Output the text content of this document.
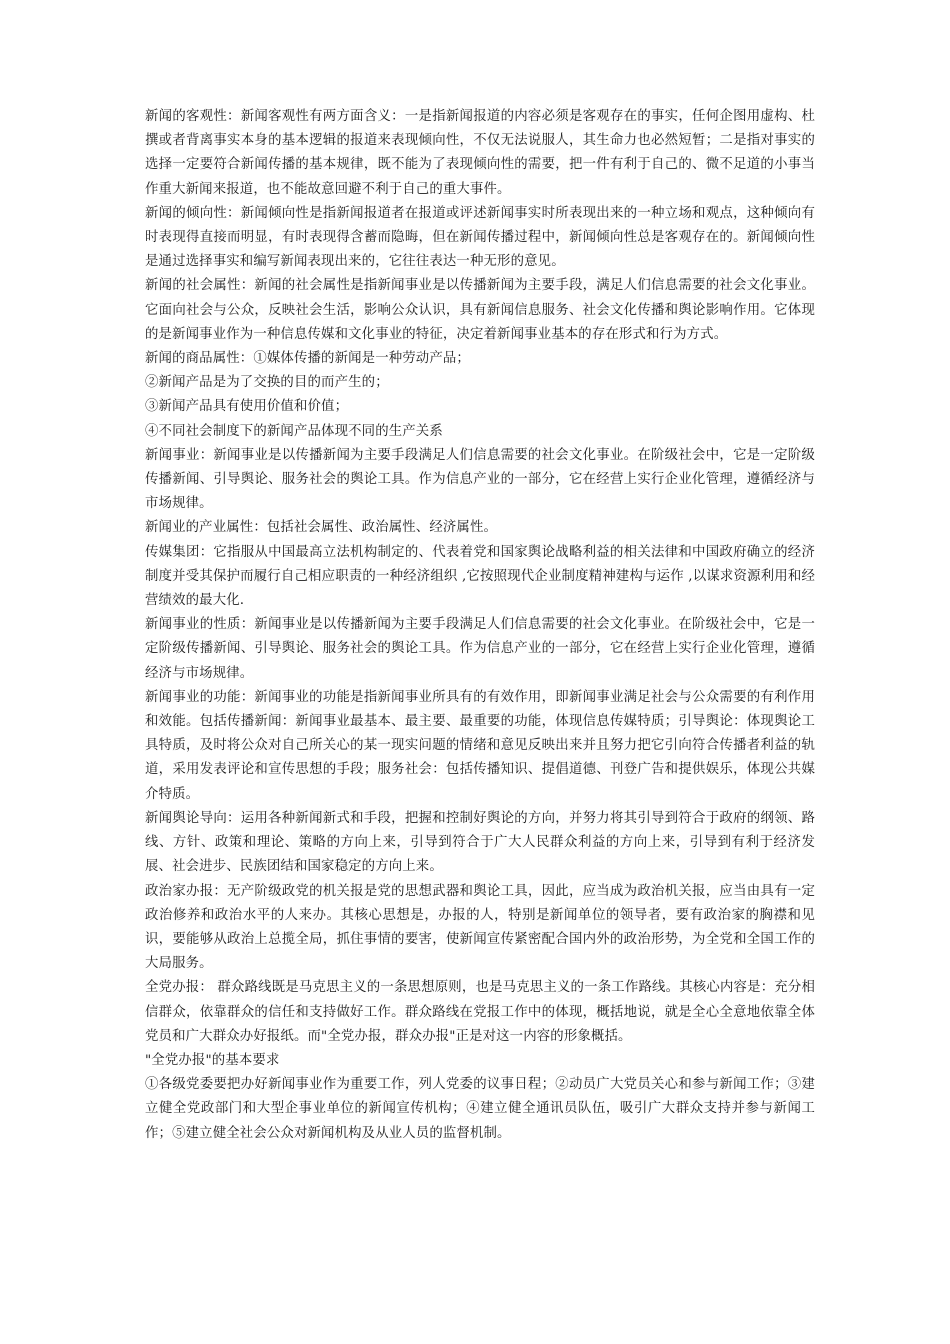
新闻的客观性：新闻客观性有两方面含义：一是指新闻报道的内容必须是客观存在的事实，任何企图用虚构、杜撰或者背离事实本身的基本逻辑的报道来表现倾向性，不仅无法说服人，其生命力也必然短暂；二是指对事实的选择一定要符合新闻传播的基本规律，既不能为了表现倾向性的需要，把一件有利于自己的、微不足道的小事当作重大新闻来报道，也不能故意回避不利于自己的重大事件。

新闻的倾向性：新闻倾向性是指新闻报道者在报道或评述新闻事实时所表现出来的一种立场和观点，这种倾向有时表现得直接而明显，有时表现得含蓄而隐晦，但在新闻传播过程中，新闻倾向性总是客观存在的。新闻倾向性是通过选择事实和编写新闻表现出来的，它往往表达一种无形的意见。

新闻的社会属性：新闻的社会属性是指新闻事业是以传播新闻为主要手段，满足人们信息需要的社会文化事业。它面向社会与公众，反映社会生活，影响公众认识，具有新闻信息服务、社会文化传播和舆论影响作用。它体现的是新闻事业作为一种信息传媒和文化事业的特征，决定着新闻事业基本的存在形式和行为方式。

新闻的商品属性：①媒体传播的新闻是一种劳动产品；

②新闻产品是为了交换的目的而产生的；

③新闻产品具有使用价值和价值；

④不同社会制度下的新闻产品体现不同的生产关系

新闻事业：新闻事业是以传播新闻为主要手段满足人们信息需要的社会文化事业。在阶级社会中，它是一定阶级传播新闻、引导舆论、服务社会的舆论工具。作为信息产业的一部分，它在经营上实行企业化管理，遵循经济与市场规律。

新闻业的产业属性：包括社会属性、政治属性、经济属性。

传媒集团：它指服从中国最高立法机构制定的、代表着党和国家舆论战略利益的相关法律和中国政府确立的经济制度并受其保护而履行自己相应职责的一种经济组织 ,它按照现代企业制度精神建构与运作 ,以谋求资源利用和经营绩效的最大化.

新闻事业的性质：新闻事业是以传播新闻为主要手段满足人们信息需要的社会文化事业。在阶级社会中，它是一定阶级传播新闻、引导舆论、服务社会的舆论工具。作为信息产业的一部分，它在经营上实行企业化管理，遵循经济与市场规律。

新闻事业的功能：新闻事业的功能是指新闻事业所具有的有效作用，即新闻事业满足社会与公众需要的有利作用和效能。包括传播新闻：新闻事业最基本、最主要、最重要的功能，体现信息传媒特质；引导舆论：体现舆论工具特质，及时将公众对自己所关心的某一现实问题的情绪和意见反映出来并且努力把它引向符合传播者利益的轨道，采用发表评论和宣传思想的手段；服务社会：包括传播知识、提倡道德、刊登广告和提供娱乐，体现公共媒介特质。

新闻舆论导向：运用各种新闻新式和手段，把握和控制好舆论的方向，并努力将其引导到符合于政府的纲领、路线、方针、政策和理论、策略的方向上来，引导到符合于广大人民群众利益的方向上来，引导到有利于经济发展、社会进步、民族团结和国家稳定的方向上来。

政治家办报：无产阶级政党的机关报是党的思想武器和舆论工具，因此，应当成为政治机关报，应当由具有一定政治修养和政治水平的人来办。其核心思想是，办报的人，特别是新闻单位的领导者，要有政治家的胸襟和见识，要能够从政治上总揽全局，抓住事情的要害，使新闻宣传紧密配合国内外的政治形势，为全党和全国工作的大局服务。

全党办报： 群众路线既是马克思主义的一条思想原则，也是马克思主义的一条工作路线。其核心内容是：充分相信群众，依靠群众的信任和支持做好工作。群众路线在党报工作中的体现，概括地说，就是全心全意地依靠全体党员和广大群众办好报纸。而"全党办报，群众办报"正是对这一内容的形象概括。

"全党办报"的基本要求

①各级党委要把办好新闻事业作为重要工作，列人党委的议事日程；②动员广大党员关心和参与新闻工作；③建立健全党政部门和大型企事业单位的新闻宣传机构；④建立健全通讯员队伍，吸引广大群众支持并参与新闻工作；⑤建立健全社会公众对新闻机构及从业人员的监督机制。
